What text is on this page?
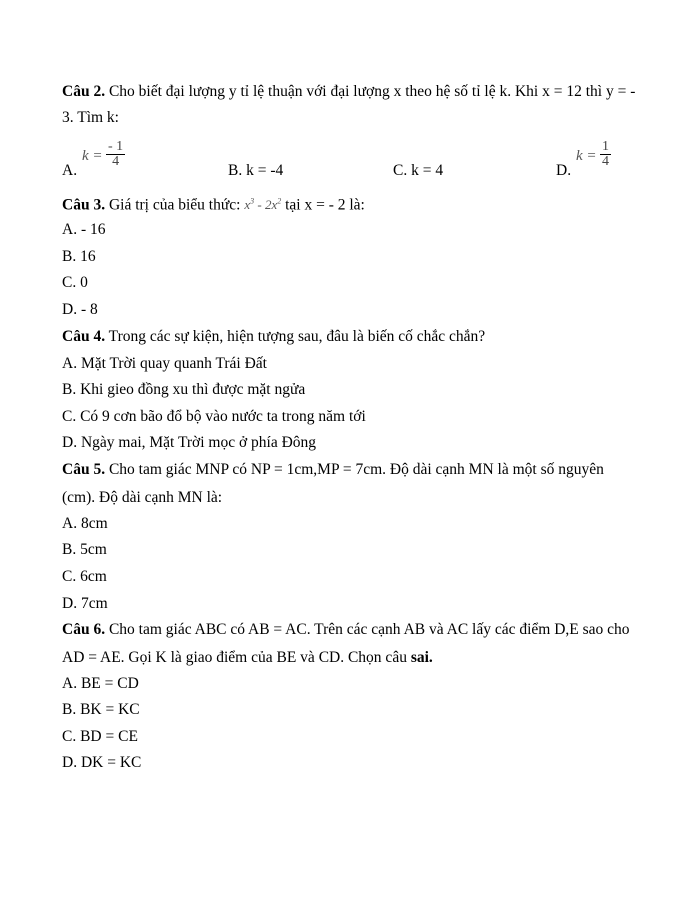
Câu 2. Cho biết đại lượng y tỉ lệ thuận với đại lượng x theo hệ số tỉ lệ k. Khi x = 12 thì y = -
3. Tìm k:
A.
$k = \frac{- 1}{4}$
B. k = -4	C. k = 4	D.
$k = \frac{1}{4}$
Câu 3. Giá trị của biểu thức: $x^3 - 2x^2$ tại x = - 2 là:
A. - 16
B. 16
C. 0
D. - 8
Câu 4. Trong các sự kiện, hiện tượng sau, đâu là biến cố chắc chắn?
A. Mặt Trời quay quanh Trái Đất
B. Khi gieo đồng xu thì được mặt ngửa
C. Có 9 cơn bão đổ bộ vào nước ta trong năm tới
D. Ngày mai, Mặt Trời mọc ở phía Đông
Câu 5. Cho tam giác MNP có NP = 1cm,MP = 7cm. Độ dài cạnh MN là một số nguyên
(cm). Độ dài cạnh MN là:
A. 8cm
B. 5cm
C. 6cm
D. 7cm
Câu 6. Cho tam giác ABC có AB = AC. Trên các cạnh AB và AC lấy các điểm D,E sao cho
AD = AE. Gọi K là giao điểm của BE và CD. Chọn câu sai.
A. BE = CD
B. BK = KC
C. BD = CE
D. DK = KC
